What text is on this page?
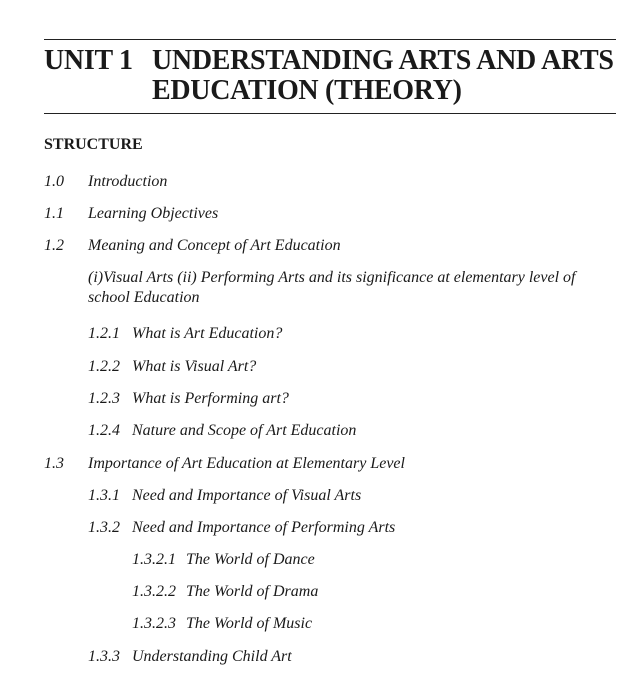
UNIT 1 UNDERSTANDING ARTS AND ARTS
EDUCATION (THEORY)
STRUCTURE
1.0 Introduction
1.1 Learning Objectives
1.2 Meaning and Concept of Art Education
(i)Visual Arts (ii) Performing Arts and its significance at elementary level of school Education
1.2.1 What is Art Education?
1.2.2 What is Visual Art?
1.2.3 What is Performing art?
1.2.4 Nature and Scope of Art Education
1.3 Importance of Art Education at Elementary Level
1.3.1 Need and Importance of Visual Arts
1.3.2 Need and Importance of Performing Arts
1.3.2.1 The World of Dance
1.3.2.2 The World of Drama
1.3.2.3 The World of Music
1.3.3 Understanding Child Art
